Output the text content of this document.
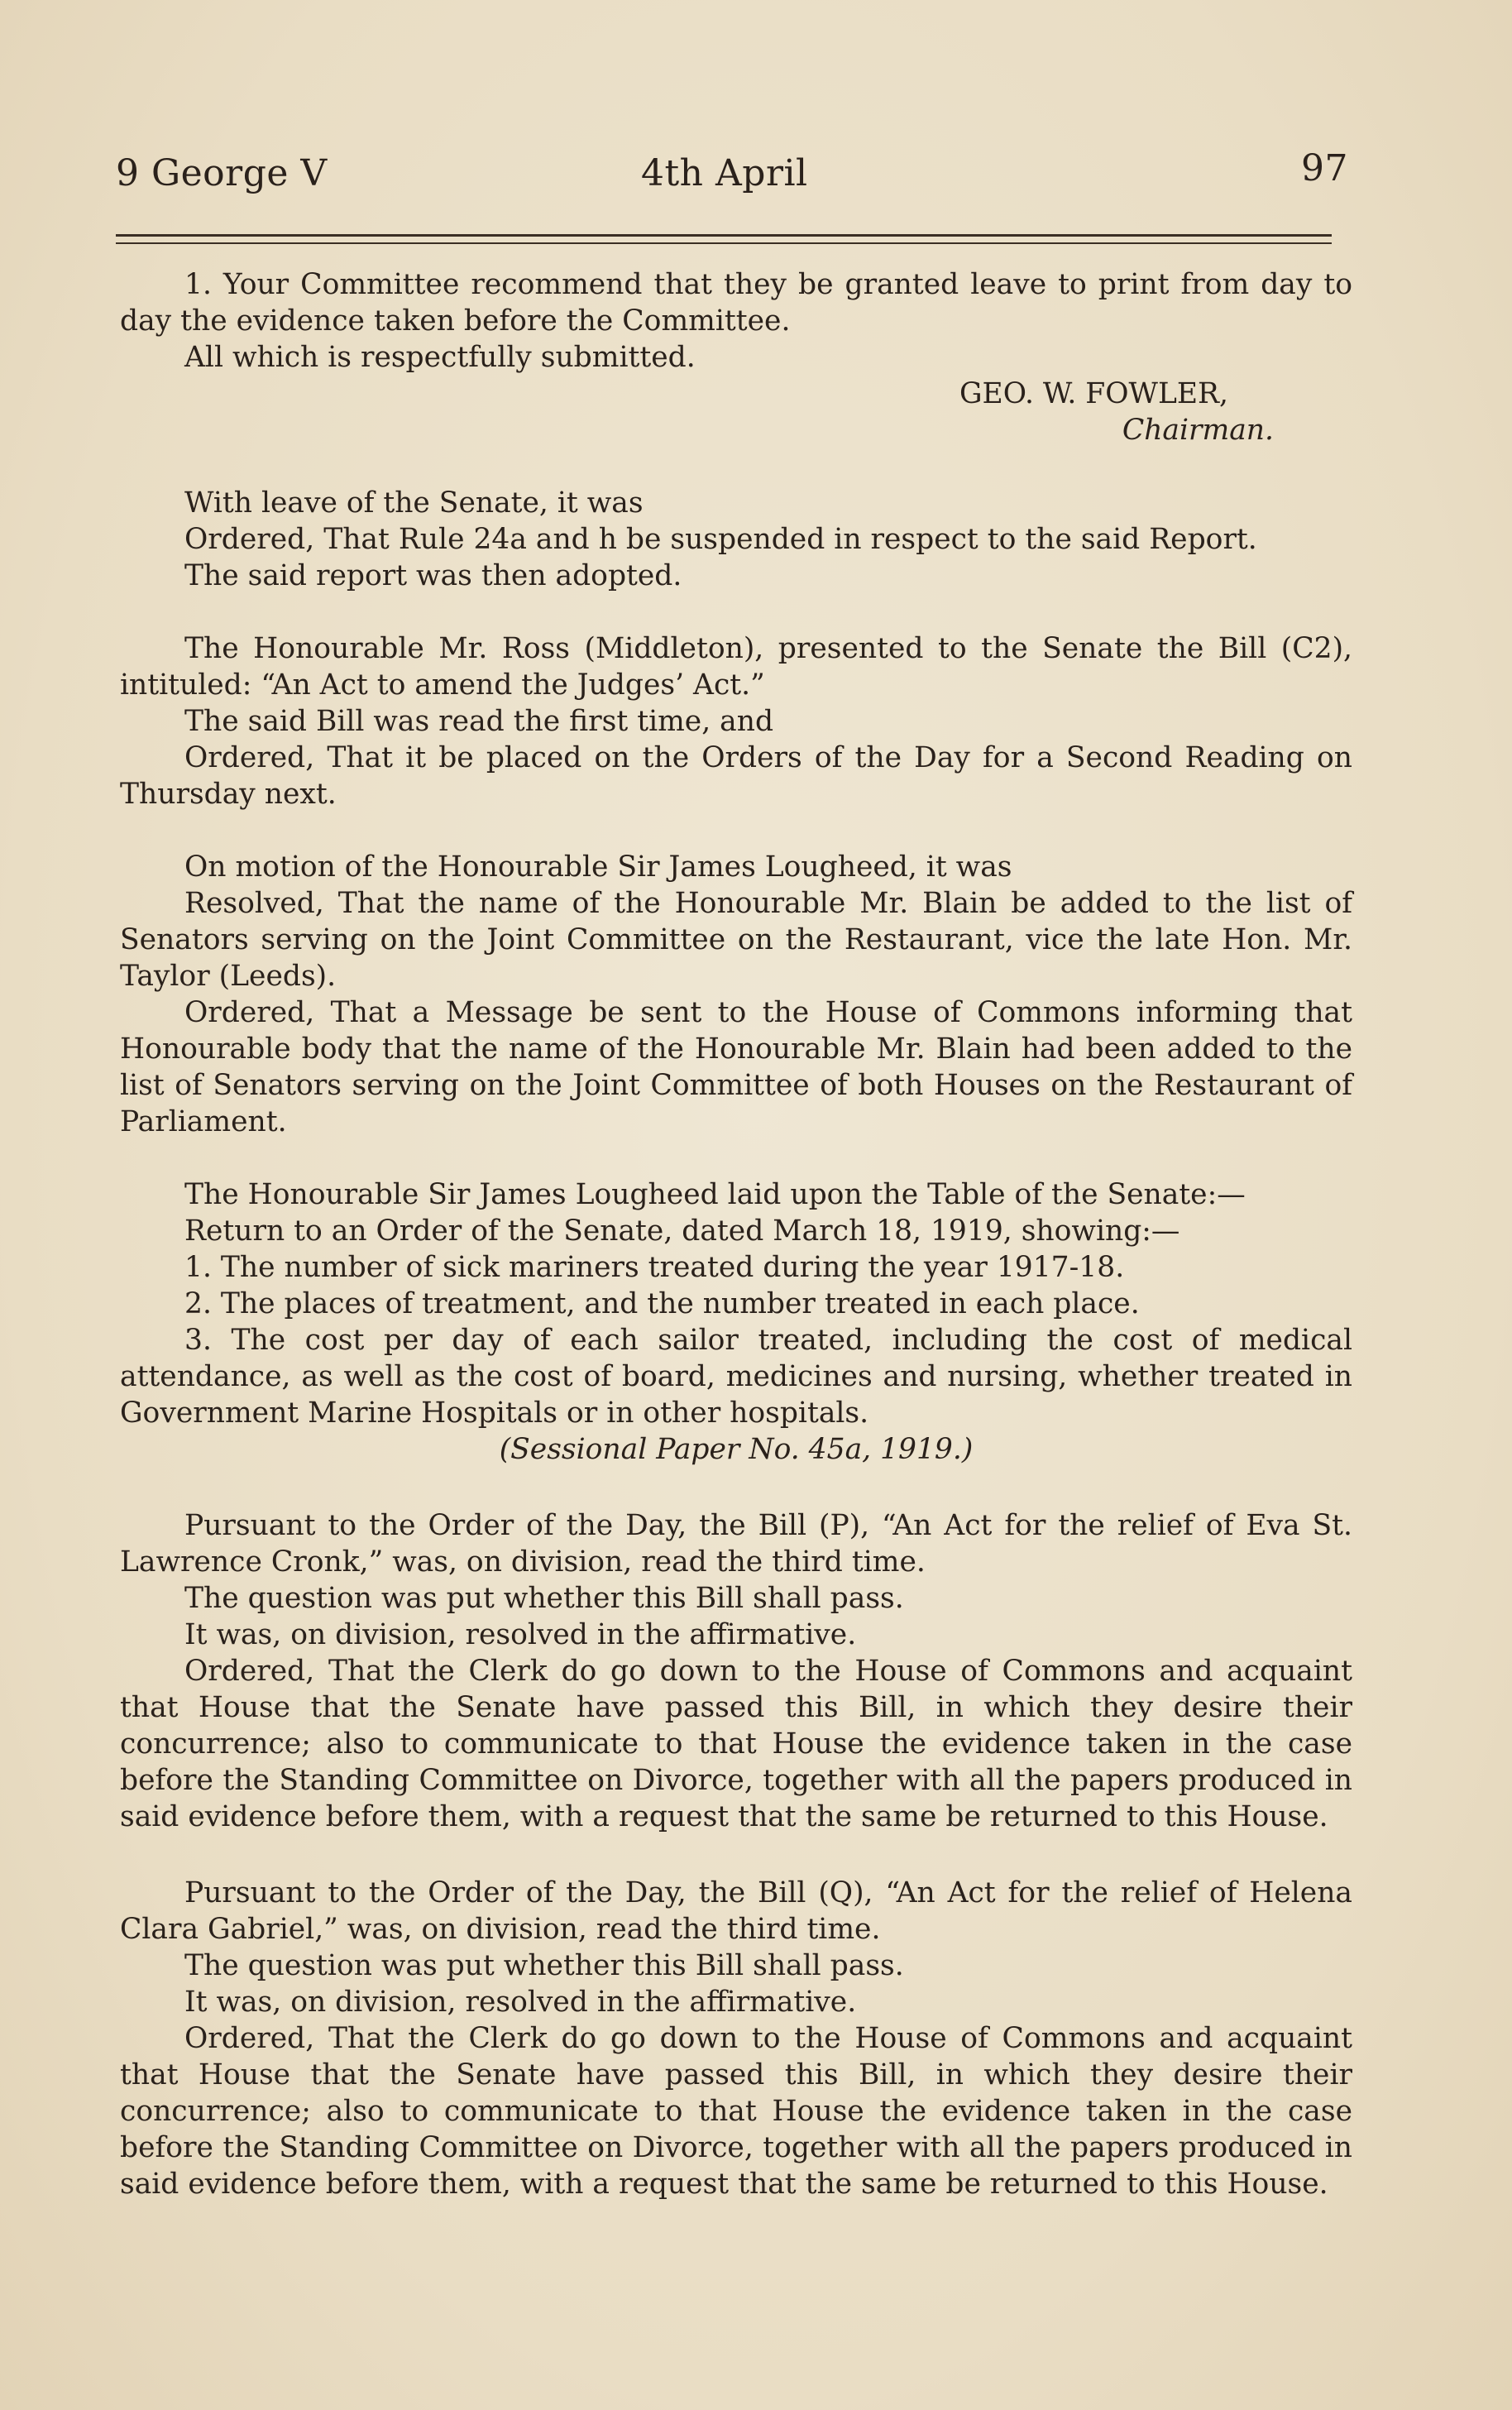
9 George V	4th April	97

1. Your Committee recommend that they be granted leave to print from day to day the evidence taken before the Committee.

All which is respectfully submitted.

GEO. W. FOWLER,

Chairman.

With leave of the Senate, it was

Ordered, That Rule 24a and h be suspended in respect to the said Report.

The said report was then adopted.

The Honourable Mr. Ross (Middleton), presented to the Senate the Bill (C2), intituled: “An Act to amend the Judges’ Act.”

The said Bill was read the first time, and

Ordered, That it be placed on the Orders of the Day for a Second Reading on Thursday next.

On motion of the Honourable Sir James Lougheed, it was

Resolved, That the name of the Honourable Mr. Blain be added to the list of Senators serving on the Joint Committee on the Restaurant, vice the late Hon. Mr. Taylor (Leeds).

Ordered, That a Message be sent to the House of Commons informing that Honourable body that the name of the Honourable Mr. Blain had been added to the list of Senators serving on the Joint Committee of both Houses on the Restaurant of Parliament.

The Honourable Sir James Lougheed laid upon the Table of the Senate:—

Return to an Order of the Senate, dated March 18, 1919, showing:—

1. The number of sick mariners treated during the year 1917-18.

2. The places of treatment, and the number treated in each place.

3. The cost per day of each sailor treated, including the cost of medical attendance, as well as the cost of board, medicines and nursing, whether treated in Government Marine Hospitals or in other hospitals.

(Sessional Paper No. 45a, 1919.)

Pursuant to the Order of the Day, the Bill (P), “An Act for the relief of Eva St. Lawrence Cronk,” was, on division, read the third time.

The question was put whether this Bill shall pass.

It was, on division, resolved in the affirmative.

Ordered, That the Clerk do go down to the House of Commons and acquaint that House that the Senate have passed this Bill, in which they desire their concurrence; also to communicate to that House the evidence taken in the case before the Standing Committee on Divorce, together with all the papers produced in said evidence before them, with a request that the same be returned to this House.

Pursuant to the Order of the Day, the Bill (Q), “An Act for the relief of Helena Clara Gabriel,” was, on division, read the third time.

The question was put whether this Bill shall pass.

It was, on division, resolved in the affirmative.

Ordered, That the Clerk do go down to the House of Commons and acquaint that House that the Senate have passed this Bill, in which they desire their concurrence; also to communicate to that House the evidence taken in the case before the Standing Committee on Divorce, together with all the papers produced in said evidence before them, with a request that the same be returned to this House.
